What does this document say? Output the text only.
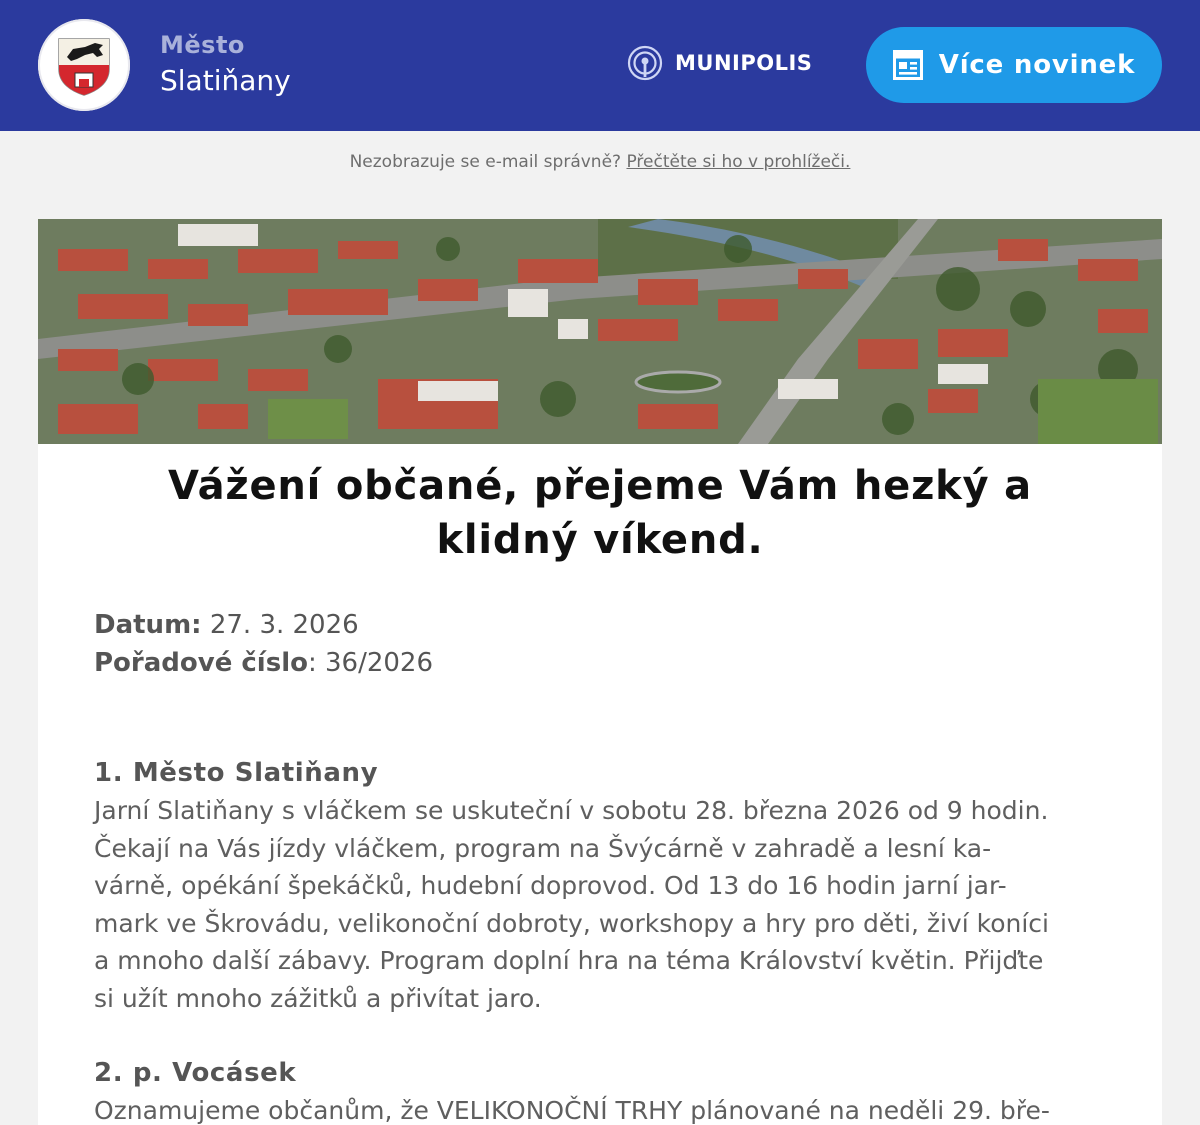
Město
Slatiňany
MUNIPOLIS	Více novinek
Nezobrazuje se e-mail správně? Přečtěte si ho v prohlížeči.
Vážení občané, přejeme Vám hezký a
klidný víkend.
Datum: 27. 3. 2026
Pořadové číslo: 36/2026
1. Město Slatiňany
Jarní Slatiňany s vláčkem se uskuteční v sobotu 28. března 2026 od 9 hodin.
Čekají na Vás jízdy vláčkem, program na Švýcárně v zahradě a lesní ka-
várně, opékání špekáčků, hudební doprovod. Od 13 do 16 hodin jarní jar-
mark ve Škrovádu, velikonoční dobroty, workshopy a hry pro děti, živí koníci
a mnoho další zábavy. Program doplní hra na téma Království květin. Přijďte
si užít mnoho zážitků a přivítat jaro.
2. p. Vocásek
Oznamujeme občanům, že VELIKONOČNÍ TRHY plánované na neděli 29. bře-
